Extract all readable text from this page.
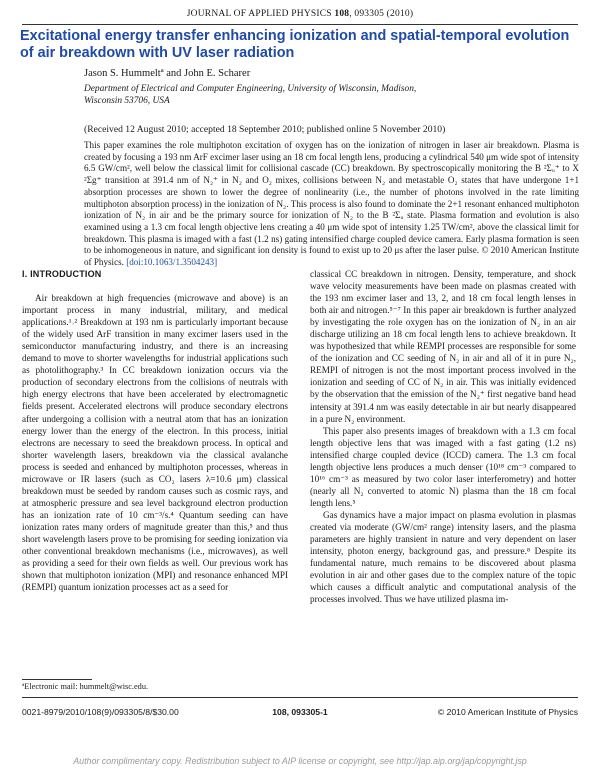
JOURNAL OF APPLIED PHYSICS 108, 093305 (2010)
Excitational energy transfer enhancing ionization and spatial-temporal evolution of air breakdown with UV laser radiation
Jason S. Hummeltª and John E. Scharer
Department of Electrical and Computer Engineering, University of Wisconsin, Madison,
Wisconsin 53706, USA
(Received 12 August 2010; accepted 18 September 2010; published online 5 November 2010)
This paper examines the role multiphoton excitation of oxygen has on the ionization of nitrogen in laser air breakdown. Plasma is created by focusing a 193 nm ArF excimer laser using an 18 cm focal length lens, producing a cylindrical 540 μm wide spot of intensity 6.5 GW/cm², well below the classical limit for collisional cascade (CC) breakdown. By spectroscopically monitoring the B ²Σᵤ⁺ to X ²Σg⁺ transition at 391.4 nm of N₂⁺ in N₂ and O₂ mixes, collisions between N₂ and metastable O₂ states that have undergone 1+1 absorption processes are shown to lower the degree of nonlinearity (i.e., the number of photons involved in the rate limiting multiphoton absorption process) in the ionization of N₂. This process is also found to dominate the 2+1 resonant enhanced multiphoton ionization of N₂ in air and be the primary source for ionization of N₂ to the B ²Σᵤ state. Plasma formation and evolution is also examined using a 1.3 cm focal length objective lens creating a 40 μm wide spot of intensity 1.25 TW/cm², above the classical limit for breakdown. This plasma is imaged with a fast (1.2 ns) gating intensified charge coupled device camera. Early plasma formation is seen to be inhomogeneous in nature, and significant ion density is found to exist up to 20 μs after the laser pulse. © 2010 American Institute of Physics. [doi:10.1063/1.3504243]
I. INTRODUCTION

Air breakdown at high frequencies (microwave and above) is an important process in many industrial, military, and medical applications.¹˒² Breakdown at 193 nm is particularly important because of the widely used ArF transition in many excimer lasers used in the semiconductor manufacturing industry, and there is an increasing demand to move to shorter wavelengths for industrial applications such as photolithography.³ In CC breakdown ionization occurs via the production of secondary electrons from the collisions of neutrals with high energy electrons that have been accelerated by electromagnetic fields present. Accelerated electrons will produce secondary electrons after undergoing a collision with a neutral atom that has an ionization energy lower than the energy of the electron. In this process, initial electrons are necessary to seed the breakdown process. In optical and shorter wavelength lasers, breakdown via the classical avalanche process is seeded and enhanced by multiphoton processes, whereas in microwave or IR lasers (such as CO₂ lasers λ=10.6 μm) classical breakdown must be seeded by random causes such as cosmic rays, and at atmospheric pressure and sea level background electron production has an ionization rate of 10 cm⁻³/s.⁴ Quantum seeding can have ionization rates many orders of magnitude greater than this,⁵ and thus short wavelength lasers prove to be promising for seeding ionization via other conventional breakdown mechanisms (i.e., microwaves), as well as providing a seed for their own fields as well. Our previous work has shown that multiphoton ionization (MPI) and resonance enhanced MPI (REMPI) quantum ionization processes act as a seed for

classical CC breakdown in nitrogen. Density, temperature, and shock wave velocity measurements have been made on plasmas created with the 193 nm excimer laser and 13, 2, and 18 cm focal length lenses in both air and nitrogen.⁵⁻⁷ In this paper air breakdown is further analyzed by investigating the role oxygen has on the ionization of N₂ in an air discharge utilizing an 18 cm focal length lens to achieve breakdown. It was hypothesized that while REMPI processes are responsible for some of the ionization and CC seeding of N₂ in air and all of it in pure N₂, REMPI of nitrogen is not the most important process involved in the ionization and seeding of CC of N₂ in air. This was initially evidenced by the observation that the emission of the N₂⁺ first negative band head intensity at 391.4 nm was easily detectable in air but nearly disappeared in a pure N₂ environment.

This paper also presents images of breakdown with a 1.3 cm focal length objective lens that was imaged with a fast gating (1.2 ns) intensified charge coupled device (ICCD) camera. The 1.3 cm focal length objective lens produces a much denser (10¹⁸ cm⁻³ compared to 10¹⁶ cm⁻³ as measured by two color laser interferometry) and hotter (nearly all N₂ converted to atomic N) plasma than the 18 cm focal length lens.⁵

Gas dynamics have a major impact on plasma evolution in plasmas created via moderate (GW/cm² range) intensity lasers, and the plasma parameters are highly transient in nature and very dependent on laser intensity, photon energy, background gas, and pressure.⁸ Despite its fundamental nature, much remains to be discovered about plasma evolution in air and other gases due to the complex nature of the topic which causes a difficult analytic and computational analysis of the processes involved. Thus we have utilized plasma im-

ªElectronic mail: hummelt@wisc.edu.
0021-8979/2010/108(9)/093305/8/$30.00	108, 093305-1	© 2010 American Institute of Physics
Author complimentary copy. Redistribution subject to AIP license or copyright, see http://jap.aip.org/jap/copyright.jsp
